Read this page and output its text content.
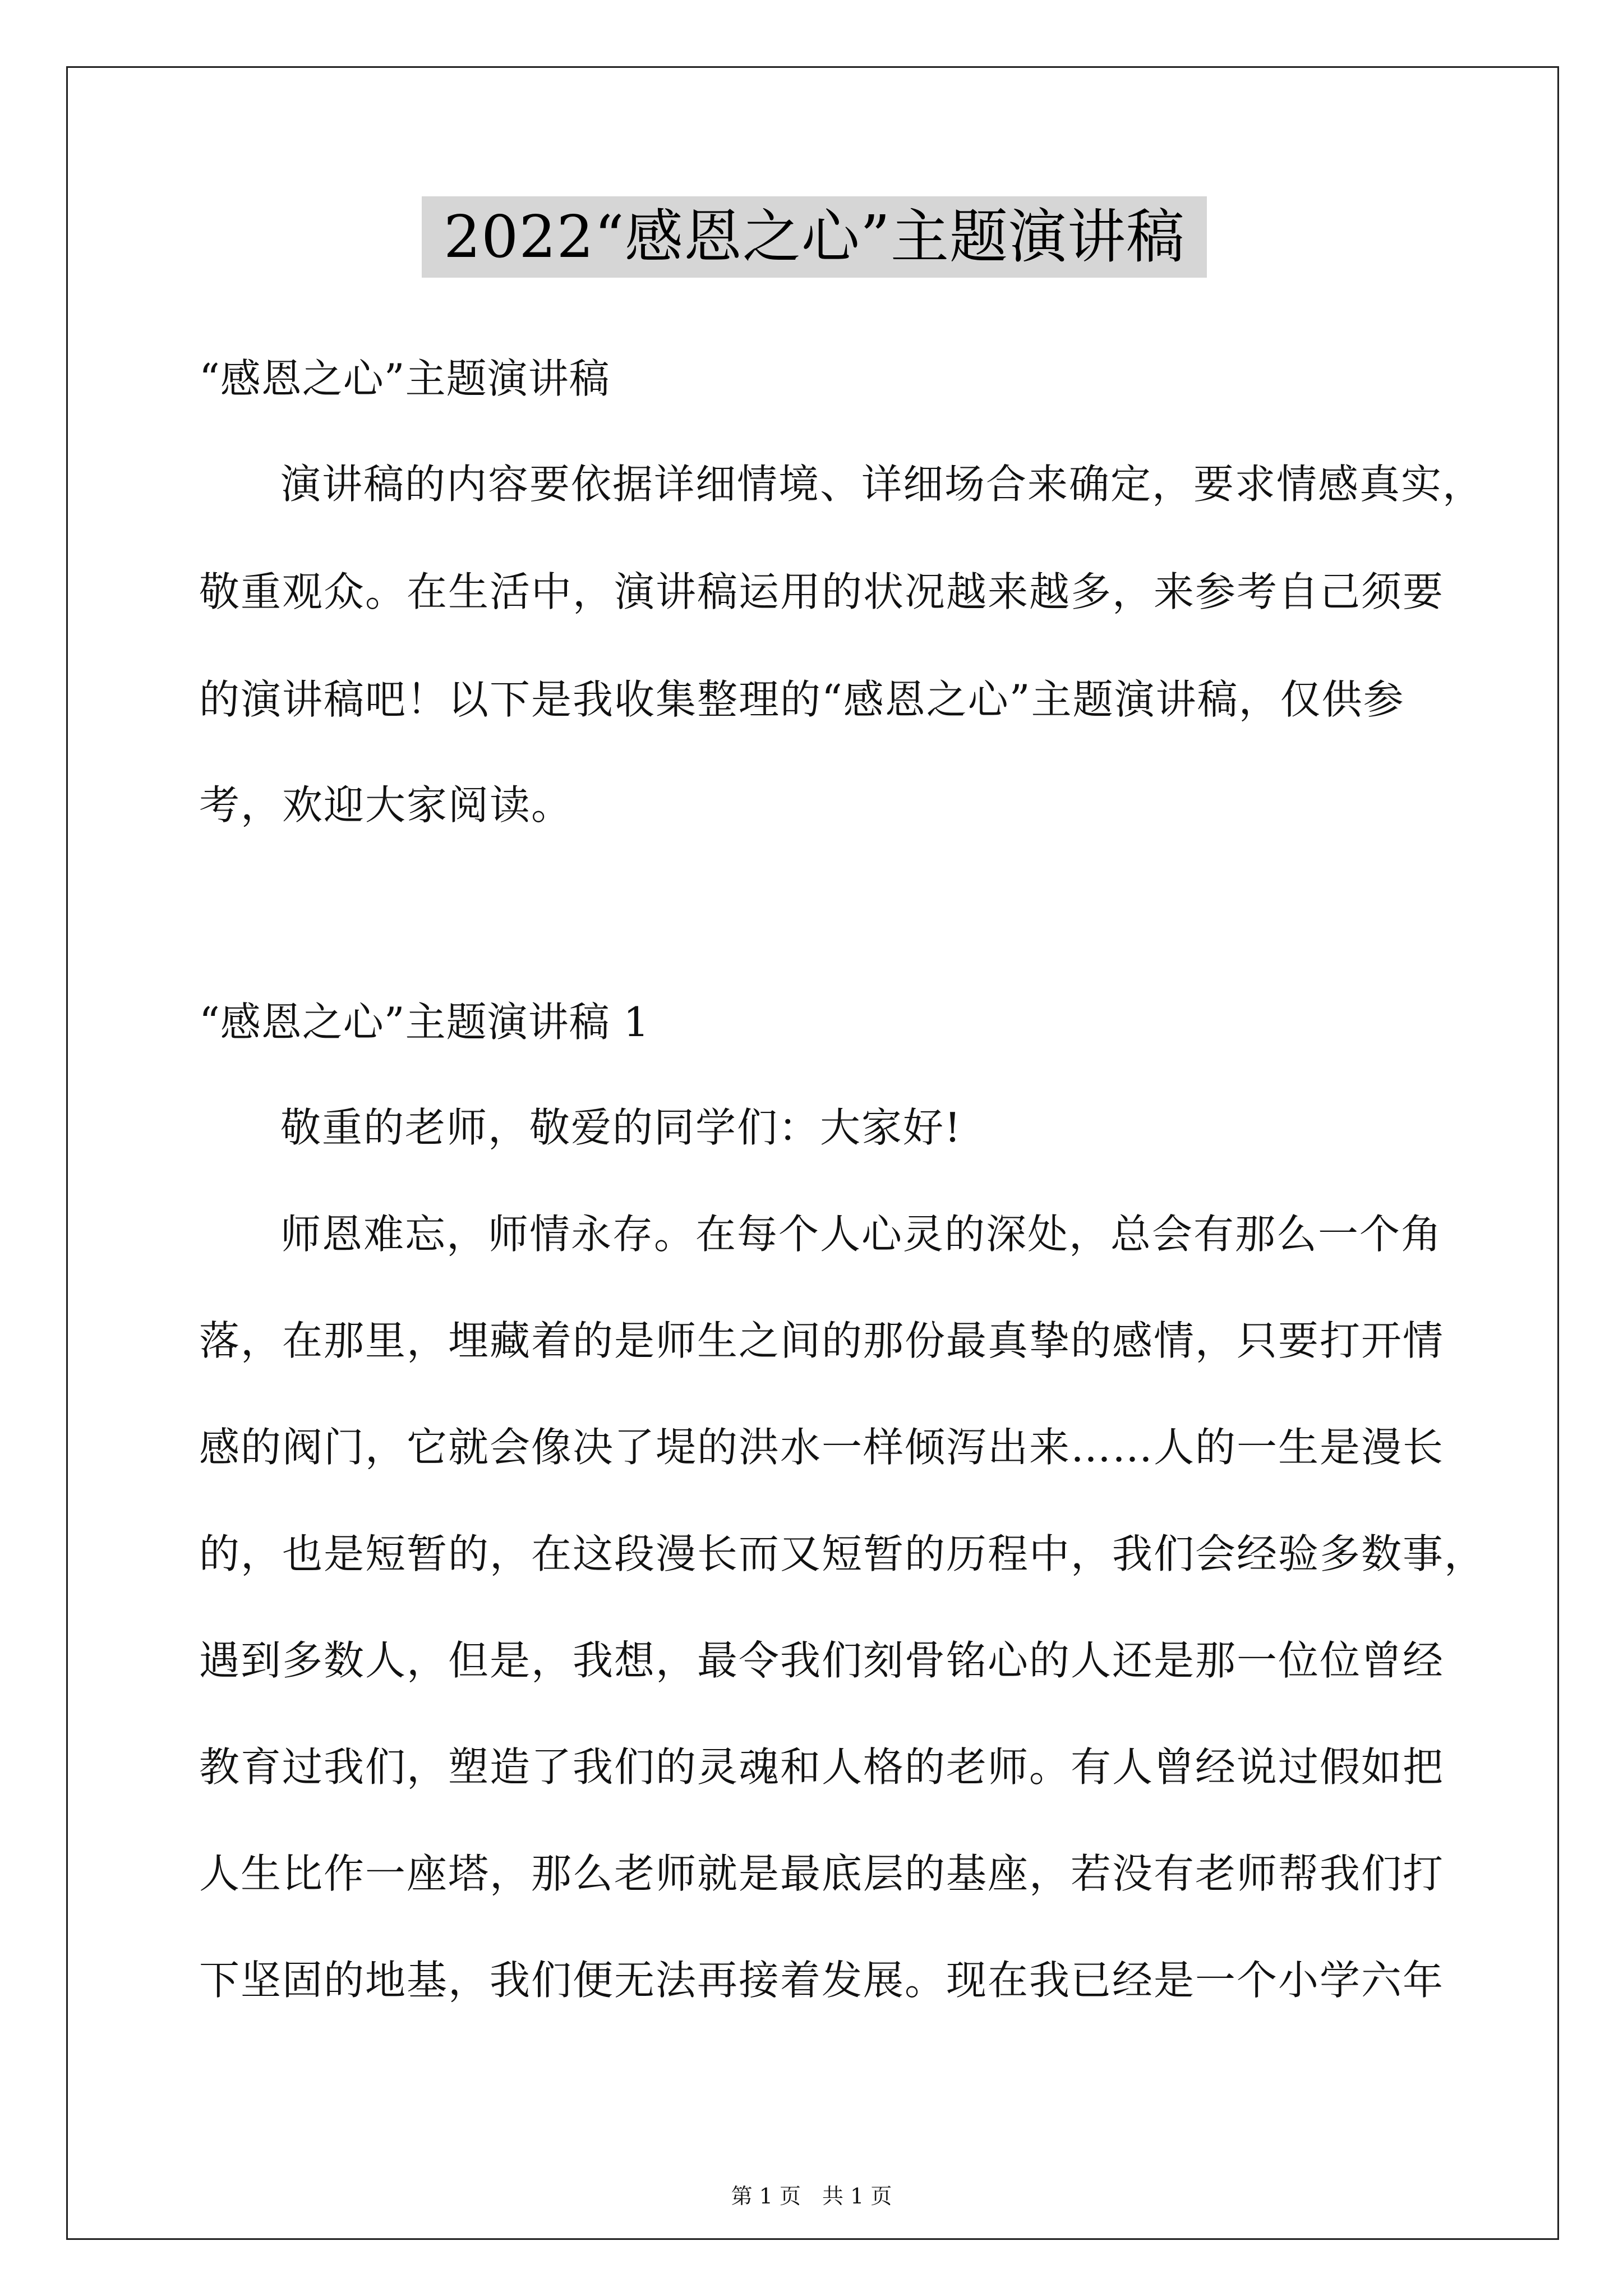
2022“感恩之心”主题演讲稿
“感恩之心”主题演讲稿
演讲稿的内容要依据详细情境、详细场合来确定，要求情感真实，
敬重观众。在生活中，演讲稿运用的状况越来越多，来参考自己须要
的演讲稿吧！以下是我收集整理的“感恩之心”主题演讲稿，仅供参
考，欢迎大家阅读。
“感恩之心”主题演讲稿 1
敬重的老师，敬爱的同学们：大家好!
师恩难忘，师情永存。在每个人心灵的深处，总会有那么一个角
落，在那里，埋藏着的是师生之间的那份最真挚的感情，只要打开情
感的阀门，它就会像决了堤的洪水一样倾泻出来……人的一生是漫长
的，也是短暂的，在这段漫长而又短暂的历程中，我们会经验多数事，
遇到多数人，但是，我想，最令我们刻骨铭心的人还是那一位位曾经
教育过我们，塑造了我们的灵魂和人格的老师。有人曾经说过假如把
人生比作一座塔，那么老师就是最底层的基座，若没有老师帮我们打
下坚固的地基，我们便无法再接着发展。现在我已经是一个小学六年
第 1 页　共 1 页
